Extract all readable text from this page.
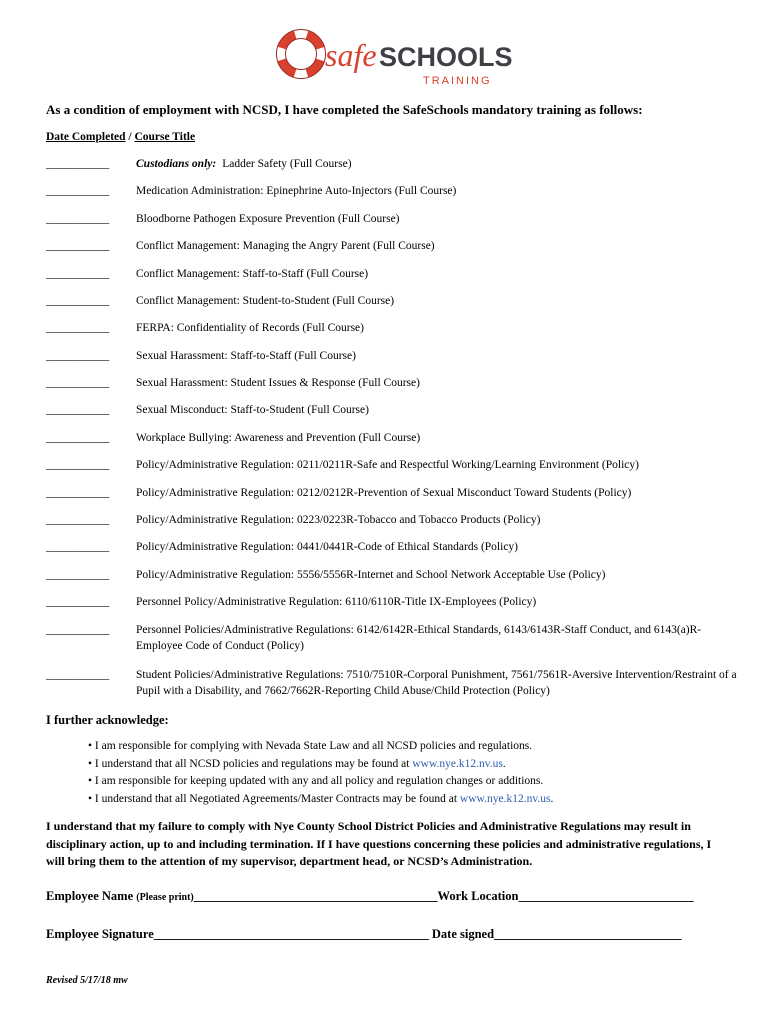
safe SCHOOLS
TRAINING
As a condition of employment with NCSD, I have completed the SafeSchools mandatory training as follows:
Date Completed / Course Title
___________ Custodians only: Ladder Safety (Full Course)
___________ Medication Administration: Epinephrine Auto-Injectors (Full Course)
___________ Bloodborne Pathogen Exposure Prevention (Full Course)
___________ Conflict Management: Managing the Angry Parent (Full Course)
___________ Conflict Management: Staff-to-Staff (Full Course)
___________ Conflict Management: Student-to-Student (Full Course)
___________ FERPA: Confidentiality of Records (Full Course)
___________ Sexual Harassment: Staff-to-Staff (Full Course)
___________ Sexual Harassment: Student Issues & Response (Full Course)
___________ Sexual Misconduct: Staff-to-Student (Full Course)
___________ Workplace Bullying: Awareness and Prevention (Full Course)
___________ Policy/Administrative Regulation: 0211/0211R-Safe and Respectful Working/Learning Environment (Policy)
___________ Policy/Administrative Regulation: 0212/0212R-Prevention of Sexual Misconduct Toward Students (Policy)
___________ Policy/Administrative Regulation: 0223/0223R-Tobacco and Tobacco Products (Policy)
___________ Policy/Administrative Regulation: 0441/0441R-Code of Ethical Standards (Policy)
___________ Policy/Administrative Regulation: 5556/5556R-Internet and School Network Acceptable Use (Policy)
___________ Personnel Policy/Administrative Regulation: 6110/6110R-Title IX-Employees (Policy)
___________ Personnel Policies/Administrative Regulations: 6142/6142R-Ethical Standards, 6143/6143R-Staff Conduct, and 6143(a)R-Employee Code of Conduct (Policy)
___________ Student Policies/Administrative Regulations: 7510/7510R-Corporal Punishment, 7561/7561R-Aversive Intervention/Restraint of a Pupil with a Disability, and 7662/7662R-Reporting Child Abuse/Child Protection (Policy)
I further acknowledge:
• I am responsible for complying with Nevada State Law and all NCSD policies and regulations.
• I understand that all NCSD policies and regulations may be found at www.nye.k12.nv.us.
• I am responsible for keeping updated with any and all policy and regulation changes or additions.
• I understand that all Negotiated Agreements/Master Contracts may be found at www.nye.k12.nv.us.
I understand that my failure to comply with Nye County School District Policies and Administrative Regulations may result in disciplinary action, up to and including termination. If I have questions concerning these policies and administrative regulations, I will bring them to the attention of my supervisor, department head, or NCSD’s Administration.
Employee Name (Please print)_______________________________________Work Location____________________________
Employee Signature____________________________________________ Date signed______________________________
Revised 5/17/18 mw
